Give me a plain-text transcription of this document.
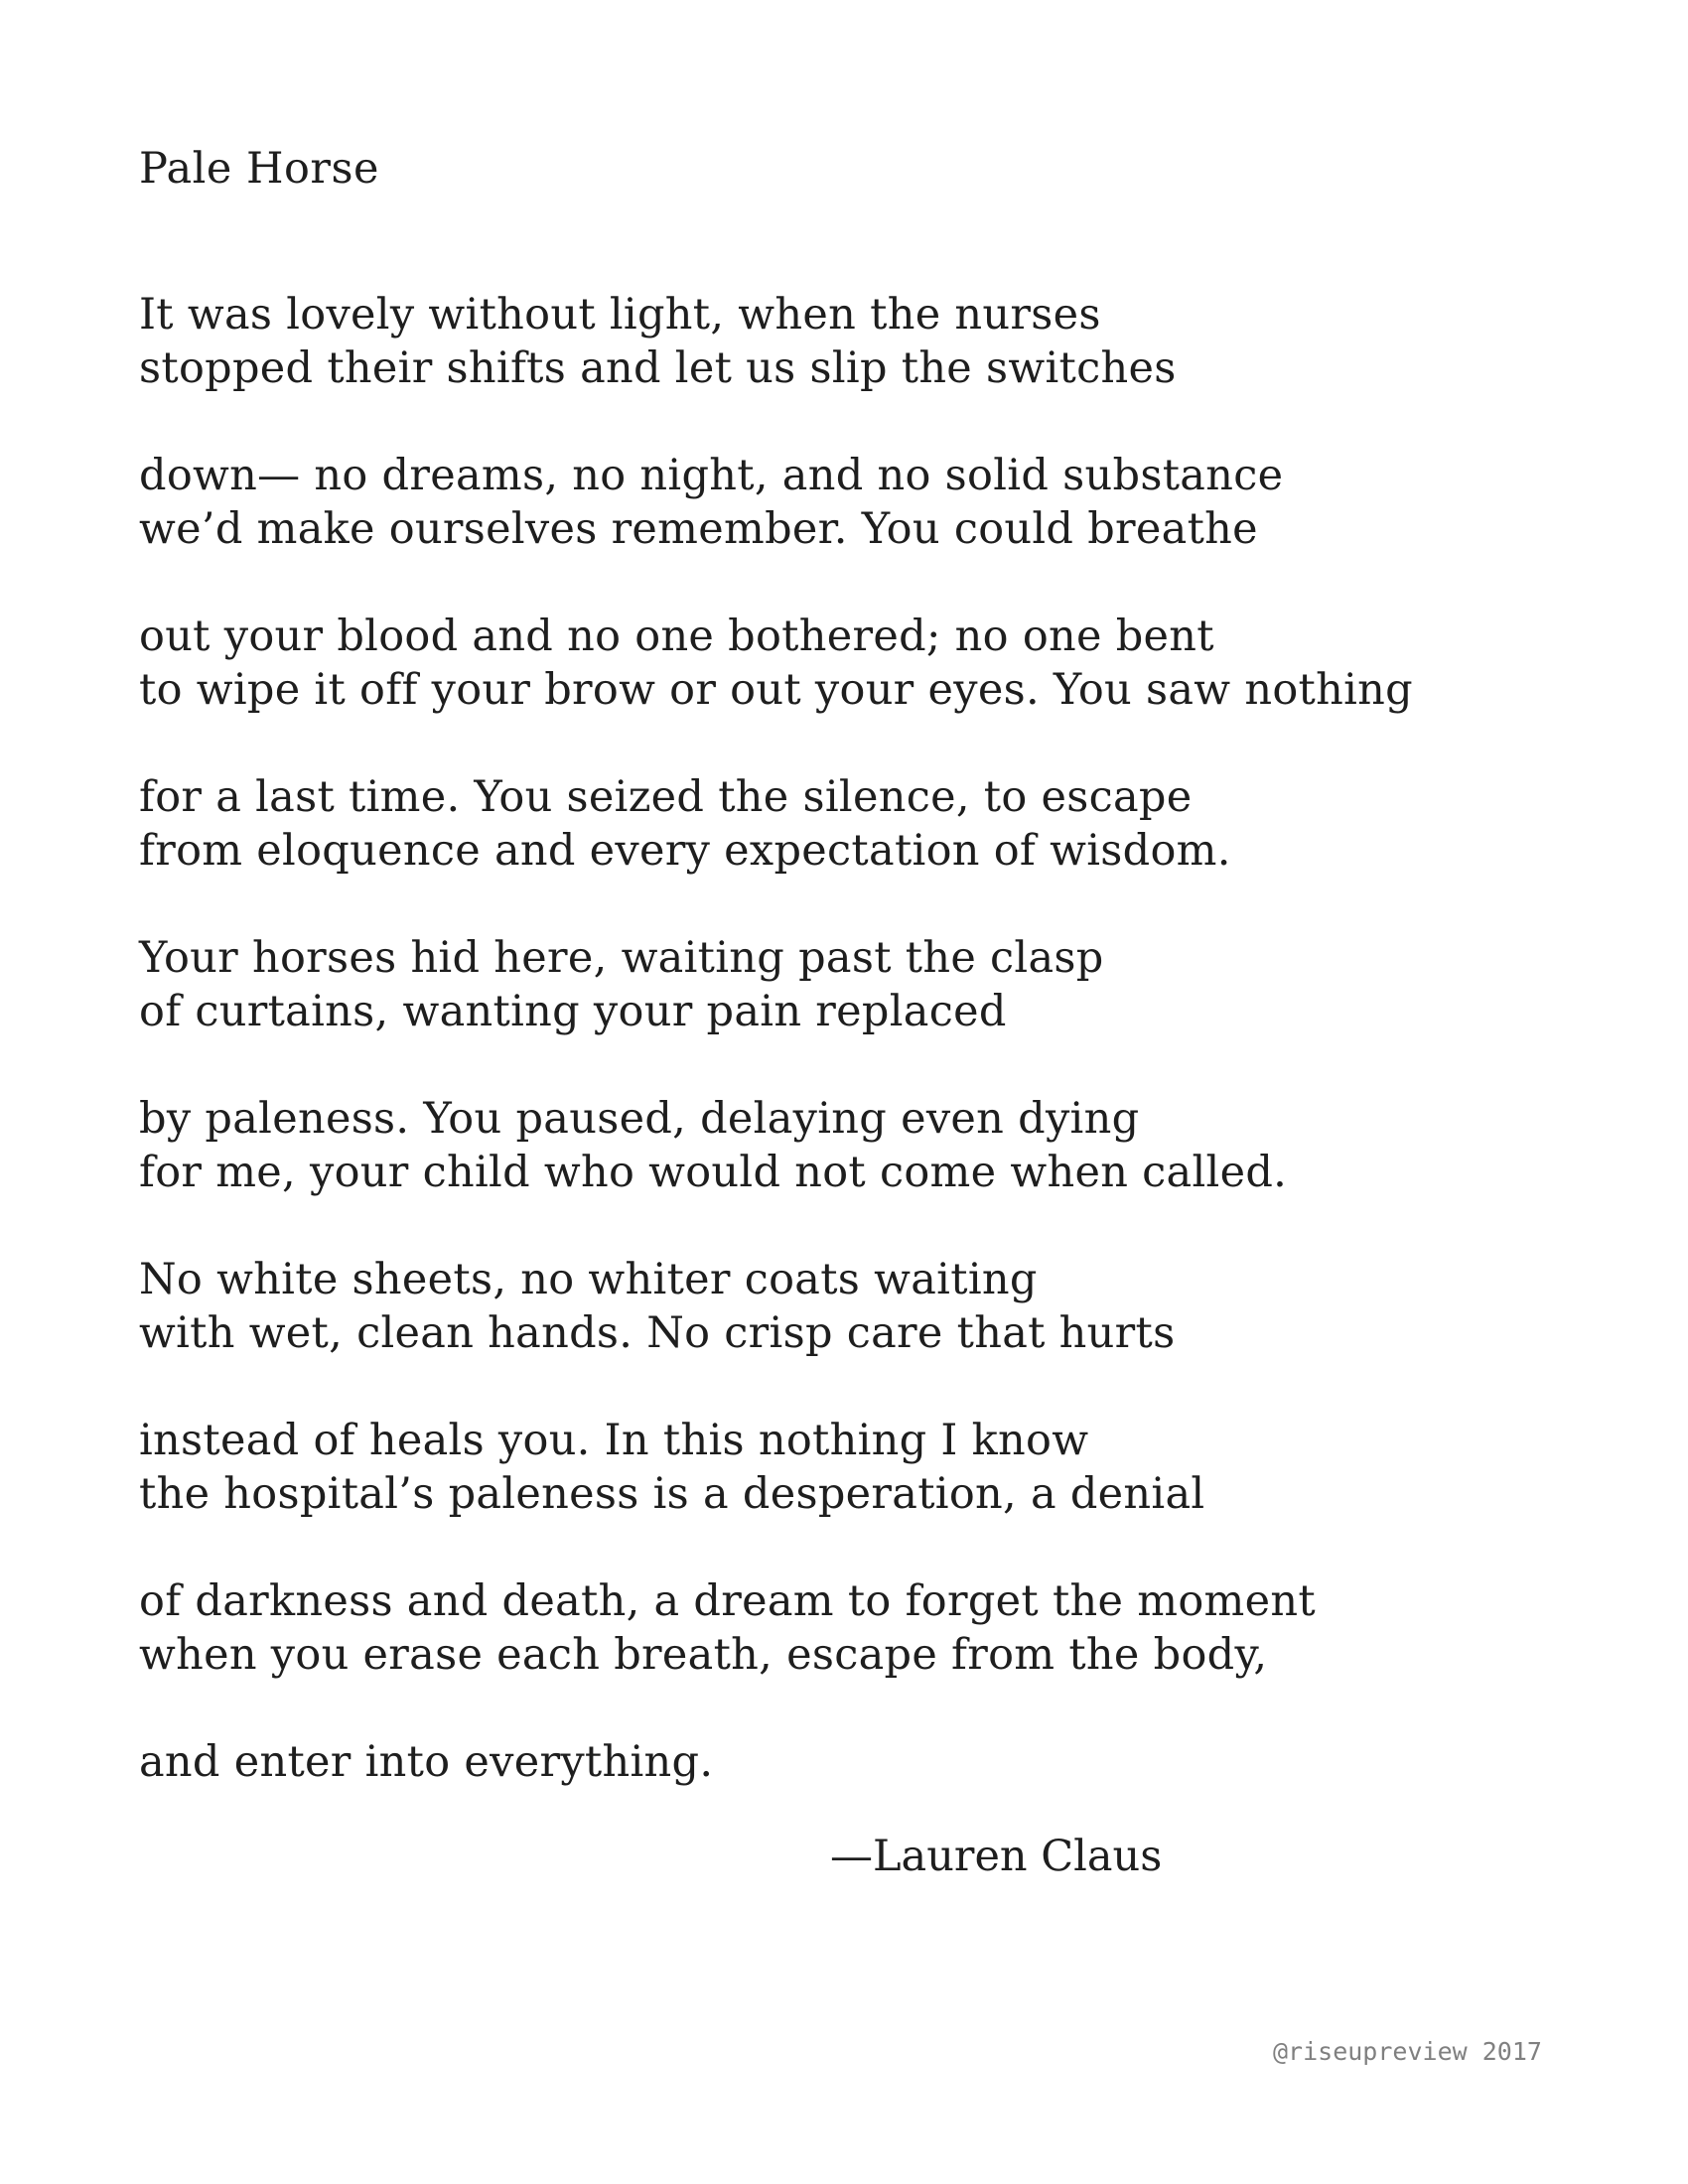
Pale Horse
It was lovely without light, when the nurses
stopped their shifts and let us slip the switches
down— no dreams, no night, and no solid substance
we’d make ourselves remember. You could breathe
out your blood and no one bothered; no one bent
to wipe it off your brow or out your eyes. You saw nothing
for a last time. You seized the silence, to escape
from eloquence and every expectation of wisdom.
Your horses hid here, waiting past the clasp
of curtains, wanting your pain replaced
by paleness. You paused, delaying even dying
for me, your child who would not come when called.
No white sheets, no whiter coats waiting
with wet, clean hands. No crisp care that hurts
instead of heals you. In this nothing I know
the hospital’s paleness is a desperation, a denial
of darkness and death, a dream to forget the moment
when you erase each breath, escape from the body,
and enter into everything.
—Lauren Claus
@riseupreview 2017
